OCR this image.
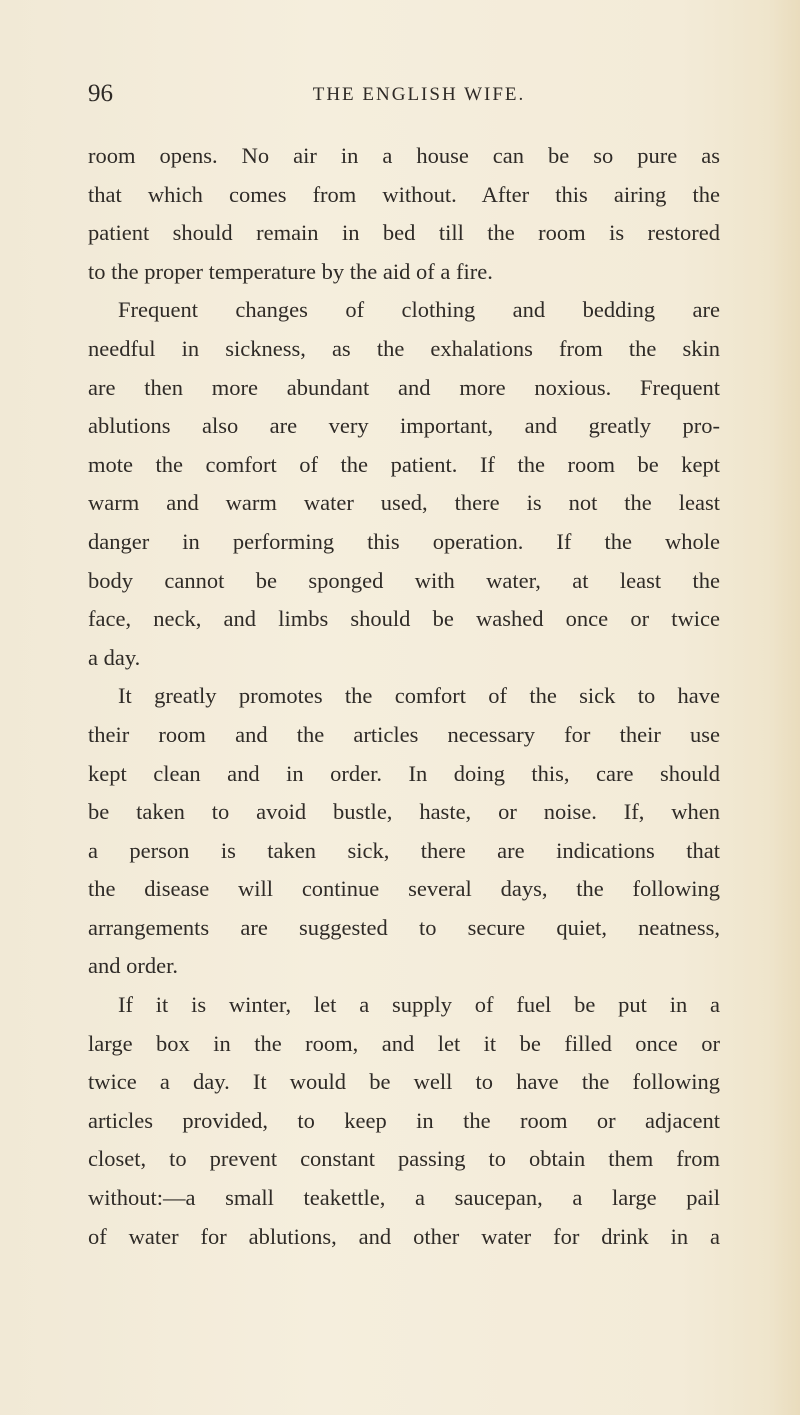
96	THE ENGLISH WIFE.
room opens. No air in a house can be so pure as
that which comes from without. After this airing the
patient should remain in bed till the room is restored
to the proper temperature by the aid of a fire.
Frequent changes of clothing and bedding are
needful in sickness, as the exhalations from the skin
are then more abundant and more noxious. Frequent
ablutions also are very important, and greatly pro-
mote the comfort of the patient. If the room be kept
warm and warm water used, there is not the least
danger in performing this operation. If the whole
body cannot be sponged with water, at least the
face, neck, and limbs should be washed once or twice
a day.
It greatly promotes the comfort of the sick to have
their room and the articles necessary for their use
kept clean and in order. In doing this, care should
be taken to avoid bustle, haste, or noise. If, when
a person is taken sick, there are indications that
the disease will continue several days, the following
arrangements are suggested to secure quiet, neatness,
and order.
If it is winter, let a supply of fuel be put in a
large box in the room, and let it be filled once or
twice a day. It would be well to have the following
articles provided, to keep in the room or adjacent
closet, to prevent constant passing to obtain them from
without:—a small teakettle, a saucepan, a large pail
of water for ablutions, and other water for drink in a
